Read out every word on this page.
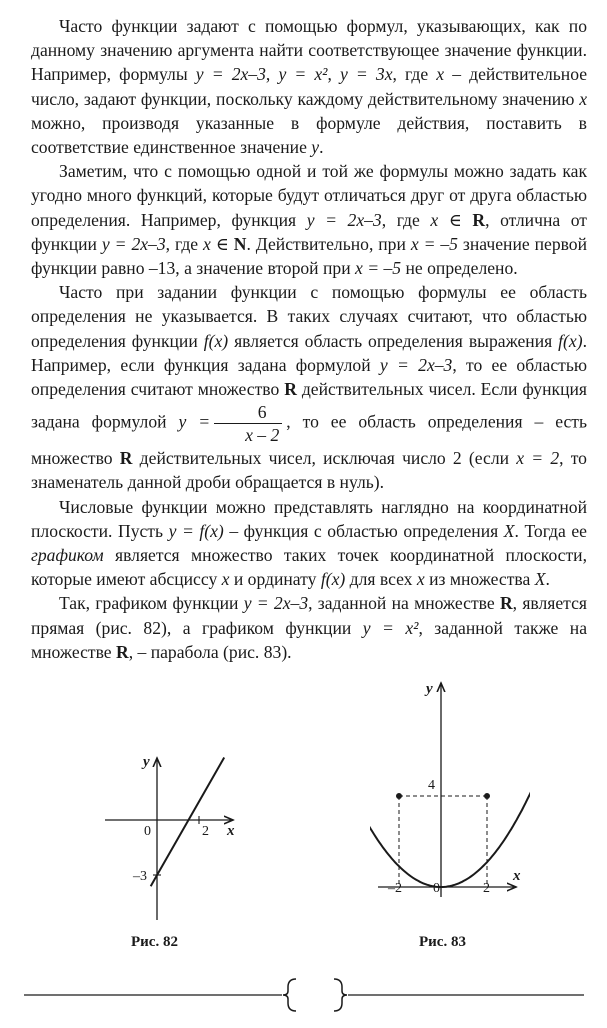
Часто функции задают с помощью формул, указывающих, как по данному значению аргумента найти соответствующее значение функции. Например, формулы y = 2x–3, y = x², y = 3x, где x – действительное число, задают функции, поскольку каждому действительному значению x можно, производя указанные в формуле действия, поставить в соответствие единственное значение y.

Заметим, что с помощью одной и той же формулы можно задать как угодно много функций, которые будут отличаться друг от друга областью определения. Например, функция y = 2x–3, где x ∈ R, отлична от функции y = 2x–3, где x ∈ N. Действительно, при x = –5 значение первой функции равно –13, а значение второй при x = –5 не определено.

Часто при задании функции с помощью формулы ее область определения не указывается. В таких случаях считают, что областью определения функции f(x) является область определения выражения f(x). Например, если функция задана формулой y = 2x–3, то ее областью определения считают множество R действительных чисел. Если функция задана формулой $y = \frac{6}{x - 2}$ , то ее область определения – есть множество R действительных чисел, исключая число 2 (если x = 2, то знаменатель данной дроби обращается в нуль).

Числовые функции можно представлять наглядно на координатной плоскости. Пусть y = f(x) – функция с областью определения X. Тогда ее графиком является множество таких точек координатной плоскости, которые имеют абсциссу x и ординату f(x) для всех x из множества X.

Так, графиком функции y = 2x–3, заданной на множестве R, является прямая (рис. 82), а графиком функции y = x², заданной также на множестве R, – парабола (рис. 83).

y
x
0	2
–3
Рис. 82
y
x
4
–2 0	2
Рис. 83
